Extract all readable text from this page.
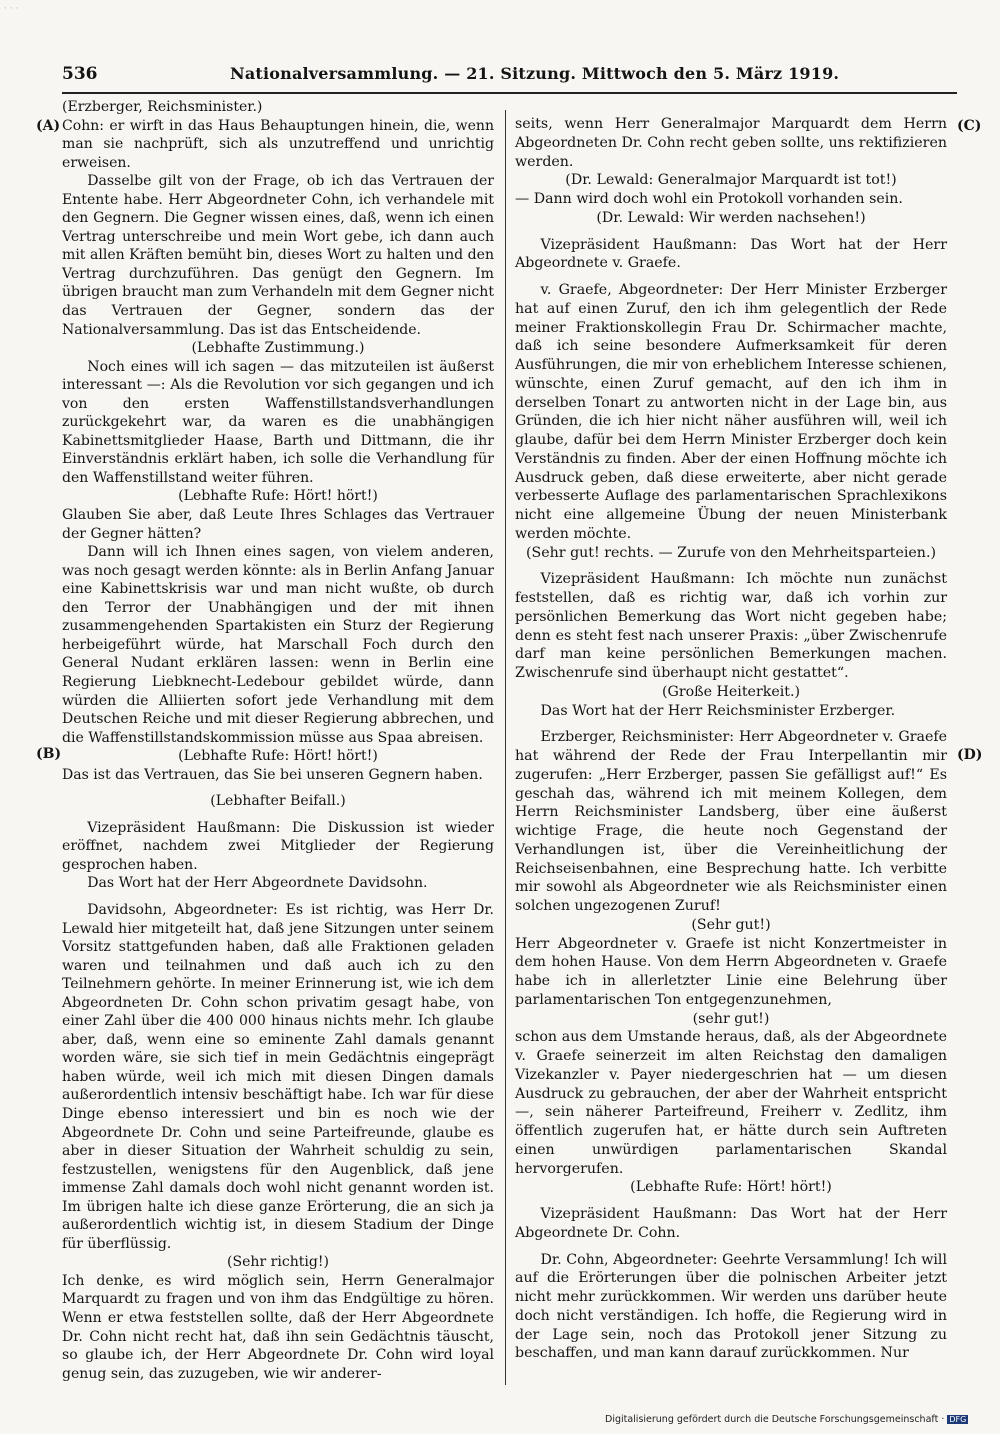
· · ·
536	Nationalversammlung. — 21. Sitzung. Mittwoch den 5. März 1919.
(A)
(B)
(C)
(D)

(Erzberger, Reichsminister.)

Cohn: er wirft in das Haus Behauptungen hinein, die, wenn man sie nachprüft, sich als unzutreffend und unrichtig erweisen.

Dasselbe gilt von der Frage, ob ich das Vertrauen der Entente habe. Herr Abgeordneter Cohn, ich verhandele mit den Gegnern. Die Gegner wissen eines, daß, wenn ich einen Vertrag unterschreibe und mein Wort gebe, ich dann auch mit allen Kräften bemüht bin, dieses Wort zu halten und den Vertrag durchzuführen. Das genügt den Gegnern. Im übrigen braucht man zum Verhandeln mit dem Gegner nicht das Vertrauen der Gegner, sondern das der Nationalversammlung. Das ist das Entscheidende.

(Lebhafte Zustimmung.)

Noch eines will ich sagen — das mitzuteilen ist äußerst interessant —: Als die Revolution vor sich gegangen und ich von den ersten Waffenstillstandsverhandlungen zurückgekehrt war, da waren es die unabhängigen Kabinettsmitglieder Haase, Barth und Dittmann, die ihr Einverständnis erklärt haben, ich solle die Verhandlung für den Waffenstillstand weiter führen.

(Lebhafte Rufe: Hört! hört!)

Glauben Sie aber, daß Leute Ihres Schlages das Vertrauer der Gegner hätten?

Dann will ich Ihnen eines sagen, von vielem anderen, was noch gesagt werden könnte: als in Berlin Anfang Januar eine Kabinettskrisis war und man nicht wußte, ob durch den Terror der Unabhängigen und der mit ihnen zusammengehenden Spartakisten ein Sturz der Regierung herbeigeführt würde, hat Marschall Foch durch den General Nudant erklären lassen: wenn in Berlin eine Regierung Liebknecht-Ledebour gebildet würde, dann würden die Alliierten sofort jede Verhandlung mit dem Deutschen Reiche und mit dieser Regierung abbrechen, und die Waffenstillstandskommission müsse aus Spaa abreisen.

(Lebhafte Rufe: Hört! hört!)

Das ist das Vertrauen, das Sie bei unseren Gegnern haben.

(Lebhafter Beifall.)

Vizepräsident Haußmann: Die Diskussion ist wieder eröffnet, nachdem zwei Mitglieder der Regierung gesprochen haben.

Das Wort hat der Herr Abgeordnete Davidsohn.

Davidsohn, Abgeordneter: Es ist richtig, was Herr Dr. Lewald hier mitgeteilt hat, daß jene Sitzungen unter seinem Vorsitz stattgefunden haben, daß alle Fraktionen geladen waren und teilnahmen und daß auch ich zu den Teilnehmern gehörte. In meiner Erinnerung ist, wie ich dem Abgeordneten Dr. Cohn schon privatim gesagt habe, von einer Zahl über die 400 000 hinaus nichts mehr. Ich glaube aber, daß, wenn eine so eminente Zahl damals genannt worden wäre, sie sich tief in mein Gedächtnis eingeprägt haben würde, weil ich mich mit diesen Dingen damals außerordentlich intensiv beschäftigt habe. Ich war für diese Dinge ebenso interessiert und bin es noch wie der Abgeordnete Dr. Cohn und seine Parteifreunde, glaube es aber in dieser Situation der Wahrheit schuldig zu sein, festzustellen, wenigstens für den Augenblick, daß jene immense Zahl damals doch wohl nicht genannt worden ist. Im übrigen halte ich diese ganze Erörterung, die an sich ja außerordentlich wichtig ist, in diesem Stadium der Dinge für überflüssig.

(Sehr richtig!)

Ich denke, es wird möglich sein, Herrn Generalmajor Marquardt zu fragen und von ihm das Endgültige zu hören. Wenn er etwa feststellen sollte, daß der Herr Abgeordnete Dr. Cohn nicht recht hat, daß ihn sein Gedächtnis täuscht, so glaube ich, der Herr Abgeordnete Dr. Cohn wird loyal genug sein, das zuzugeben, wie wir anderer-

seits, wenn Herr Generalmajor Marquardt dem Herrn Abgeordneten Dr. Cohn recht geben sollte, uns rektifizieren werden.

(Dr. Lewald: Generalmajor Marquardt ist tot!)

— Dann wird doch wohl ein Protokoll vorhanden sein.

(Dr. Lewald: Wir werden nachsehen!)

Vizepräsident Haußmann: Das Wort hat der Herr Abgeordnete v. Graefe.

v. Graefe, Abgeordneter: Der Herr Minister Erzberger hat auf einen Zuruf, den ich ihm gelegentlich der Rede meiner Fraktionskollegin Frau Dr. Schirmacher machte, daß ich seine besondere Aufmerksamkeit für deren Ausführungen, die mir von erheblichem Interesse schienen, wünschte, einen Zuruf gemacht, auf den ich ihm in derselben Tonart zu antworten nicht in der Lage bin, aus Gründen, die ich hier nicht näher ausführen will, weil ich glaube, dafür bei dem Herrn Minister Erzberger doch kein Verständnis zu finden. Aber der einen Hoffnung möchte ich Ausdruck geben, daß diese erweiterte, aber nicht gerade verbesserte Auflage des parlamentarischen Sprachlexikons nicht eine allgemeine Übung der neuen Ministerbank werden möchte.

(Sehr gut! rechts. — Zurufe von den Mehrheitsparteien.)

Vizepräsident Haußmann: Ich möchte nun zunächst feststellen, daß es richtig war, daß ich vorhin zur persönlichen Bemerkung das Wort nicht gegeben habe; denn es steht fest nach unserer Praxis: „über Zwischenrufe darf man keine persönlichen Bemerkungen machen. Zwischenrufe sind überhaupt nicht gestattet“.

(Große Heiterkeit.)

Das Wort hat der Herr Reichsminister Erzberger.

Erzberger, Reichsminister: Herr Abgeordneter v. Graefe hat während der Rede der Frau Interpellantin mir zugerufen: „Herr Erzberger, passen Sie gefälligst auf!“ Es geschah das, während ich mit meinem Kollegen, dem Herrn Reichsminister Landsberg, über eine äußerst wichtige Frage, die heute noch Gegenstand der Verhandlungen ist, über die Vereinheitlichung der Reichseisenbahnen, eine Besprechung hatte. Ich verbitte mir sowohl als Abgeordneter wie als Reichsminister einen solchen ungezogenen Zuruf!

(Sehr gut!)

Herr Abgeordneter v. Graefe ist nicht Konzertmeister in dem hohen Hause. Von dem Herrn Abgeordneten v. Graefe habe ich in allerletzter Linie eine Belehrung über parlamentarischen Ton entgegenzunehmen,

(sehr gut!)

schon aus dem Umstande heraus, daß, als der Abgeordnete v. Graefe seinerzeit im alten Reichstag den damaligen Vizekanzler v. Payer niedergeschrien hat — um diesen Ausdruck zu gebrauchen, der aber der Wahrheit entspricht —, sein näherer Parteifreund, Freiherr v. Zedlitz, ihm öffentlich zugerufen hat, er hätte durch sein Auftreten einen unwürdigen parlamentarischen Skandal hervorgerufen.

(Lebhafte Rufe: Hört! hört!)

Vizepräsident Haußmann: Das Wort hat der Herr Abgeordnete Dr. Cohn.

Dr. Cohn, Abgeordneter: Geehrte Versammlung! Ich will auf die Erörterungen über die polnischen Arbeiter jetzt nicht mehr zurückkommen. Wir werden uns darüber heute doch nicht verständigen. Ich hoffe, die Regierung wird in der Lage sein, noch das Protokoll jener Sitzung zu beschaffen, und man kann darauf zurückkommen. Nur

Digitalisierung gefördert durch die Deutsche Forschungsgemeinschaft · DFG
